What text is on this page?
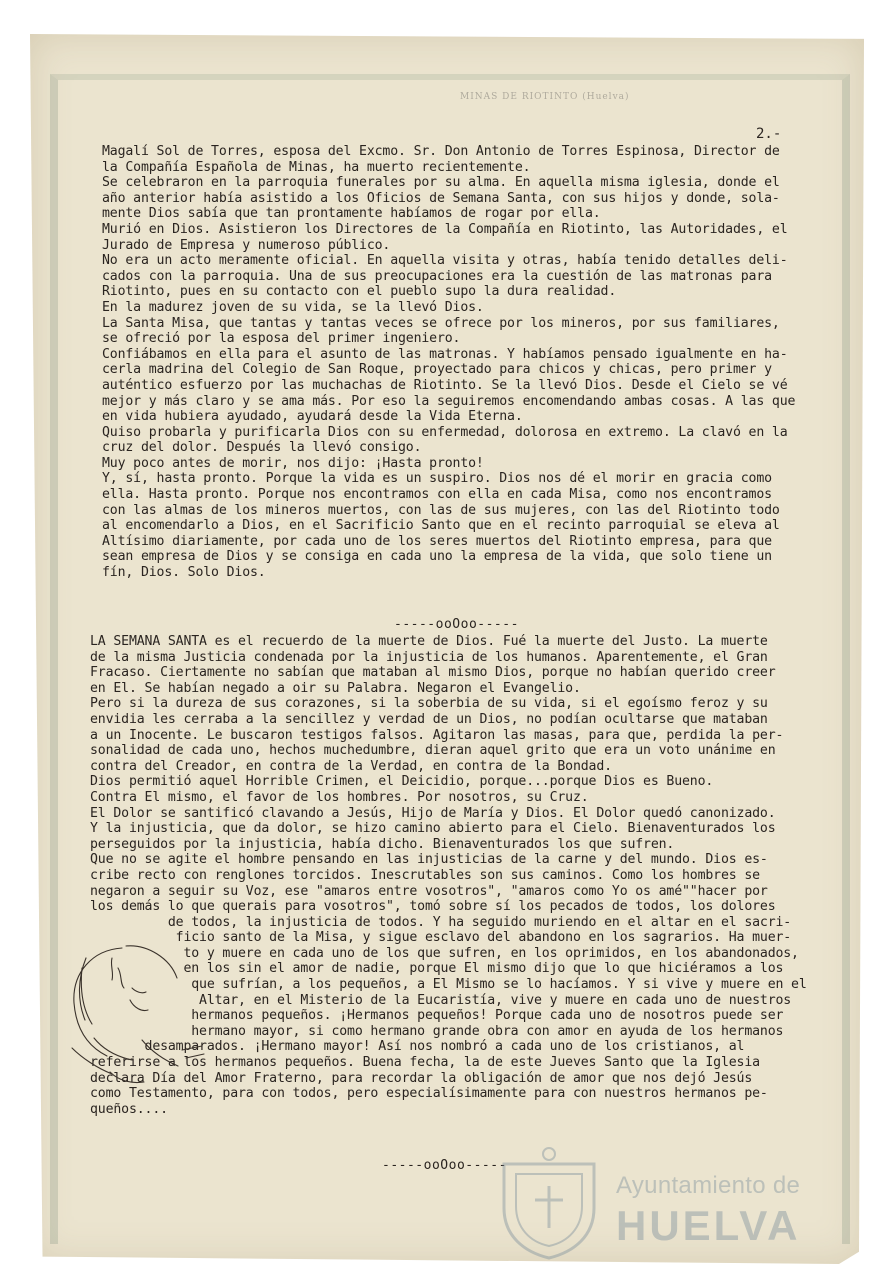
MINAS DE RIOTINTO (Huelva)
2.-
Magalí Sol de Torres, esposa del Excmo. Sr. Don Antonio de Torres Espinosa, Director de
la Compañía Española de Minas, ha muerto recientemente.
Se celebraron en la parroquia funerales por su alma. En aquella misma iglesia, donde el
año anterior había asistido a los Oficios de Semana Santa, con sus hijos y donde, sola-
mente Dios sabía que tan prontamente habíamos de rogar por ella.
Murió en Dios. Asistieron los Directores de la Compañía en Riotinto, las Autoridades, el
Jurado de Empresa y numeroso público.
No era un acto meramente oficial. En aquella visita y otras, había tenido detalles deli-
cados con la parroquia. Una de sus preocupaciones era la cuestión de las matronas para
Riotinto, pues en su contacto con el pueblo supo la dura realidad.
En la madurez joven de su vida, se la llevó Dios.
La Santa Misa, que tantas y tantas veces se ofrece por los mineros, por sus familiares,
se ofreció por la esposa del primer ingeniero.
Confiábamos en ella para el asunto de las matronas. Y habíamos pensado igualmente en ha-
cerla madrina del Colegio de San Roque, proyectado para chicos y chicas, pero primer y
auténtico esfuerzo por las muchachas de Riotinto. Se la llevó Dios. Desde el Cielo se vé
mejor y más claro y se ama más. Por eso la seguiremos encomendando ambas cosas. A las que
en vida hubiera ayudado, ayudará desde la Vida Eterna.
Quiso probarla y purificarla Dios con su enfermedad, dolorosa en extremo. La clavó en la
cruz del dolor. Después la llevó consigo.
Muy poco antes de morir, nos dijo: ¡Hasta pronto!
Y, sí, hasta pronto. Porque la vida es un suspiro. Dios nos dé el morir en gracia como
ella. Hasta pronto. Porque nos encontramos con ella en cada Misa, como nos encontramos
con las almas de los mineros muertos, con las de sus mujeres, con las del Riotinto todo
al encomendarlo a Dios, en el Sacrificio Santo que en el recinto parroquial se eleva al
Altísimo diariamente, por cada uno de los seres muertos del Riotinto empresa, para que
sean empresa de Dios y se consiga en cada uno la empresa de la vida, que solo tiene un
fín, Dios. Solo Dios.
-----ooOoo-----
LA SEMANA SANTA es el recuerdo de la muerte de Dios. Fué la muerte del Justo. La muerte
de la misma Justicia condenada por la injusticia de los humanos. Aparentemente, el Gran
Fracaso. Ciertamente no sabían que mataban al mismo Dios, porque no habían querido creer
en El. Se habían negado a oir su Palabra. Negaron el Evangelio.
Pero si la dureza de sus corazones, si la soberbia de su vida, si el egoísmo feroz y su
envidia les cerraba a la sencillez y verdad de un Dios, no podían ocultarse que mataban
a un Inocente. Le buscaron testigos falsos. Agitaron las masas, para que, perdida la per-
sonalidad de cada uno, hechos muchedumbre, dieran aquel grito que era un voto unánime en
contra del Creador, en contra de la Verdad, en contra de la Bondad.
Dios permitió aquel Horrible Crimen, el Deicidio, porque...porque Dios es Bueno.
Contra El mismo, el favor de los hombres. Por nosotros, su Cruz.
El Dolor se santificó clavando a Jesús, Hijo de María y Dios. El Dolor quedó canonizado.
Y la injusticia, que da dolor, se hizo camino abierto para el Cielo. Bienaventurados los
perseguidos por la injusticia, había dicho. Bienaventurados los que sufren.
Que no se agite el hombre pensando en las injusticias de la carne y del mundo. Dios es-
cribe recto con renglones torcidos. Inescrutables son sus caminos. Como los hombres se
negaron a seguir su Voz, ese "amaros entre vosotros", "amaros como Yo os amé""hacer por
los demás lo que querais para vosotros", tomó sobre sí los pecados de todos, los dolores
de todos, la injusticia de todos. Y ha seguido muriendo en el altar en el sacri-
ficio santo de la Misa, y sigue esclavo del abandono en los sagrarios. Ha muer-
to y muere en cada uno de los que sufren, en los oprimidos, en los abandonados,
en los sin el amor de nadie, porque El mismo dijo que lo que hiciéramos a los
que sufrían, a los pequeños, a El Mismo se lo hacíamos. Y si vive y muere en el
Altar, en el Misterio de la Eucaristía, vive y muere en cada uno de nuestros
hermanos pequeños. ¡Hermanos pequeños! Porque cada uno de nosotros puede ser
hermano mayor, si como hermano grande obra con amor en ayuda de los hermanos
desamparados. ¡Hermano mayor! Así nos nombró a cada uno de los cristianos, al
referirse a los hermanos pequeños. Buena fecha, la de este Jueves Santo que la Iglesia
declara Día del Amor Fraterno, para recordar la obligación de amor que nos dejó Jesús
como Testamento, para con todos, pero especialísimamente para con nuestros hermanos pe-
queños....
-----ooOoo-----
Ayuntamiento de
HUELVA
